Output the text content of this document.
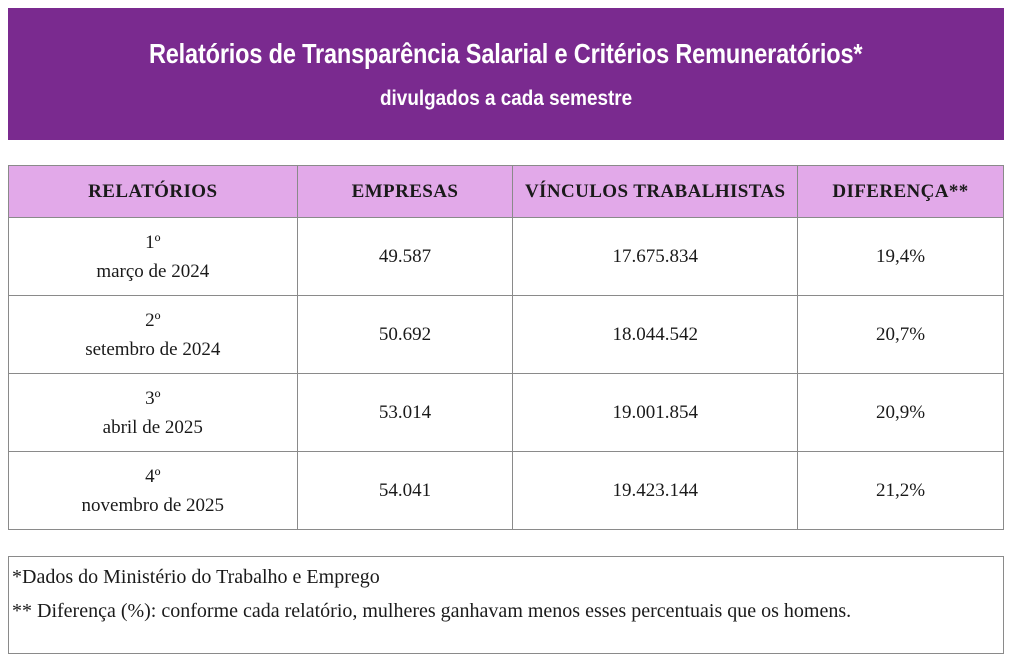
Relatórios de Transparência Salarial e Critérios Remuneratórios*
divulgados a cada semestre
RELATÓRIOS	EMPRESAS	VÍNCULOS TRABALHISTAS	DIFERENÇA**

1º
março de 2024	49.587	17.675.834	19,4%

2º
setembro de 2024	50.692	18.044.542	20,7%

3º
abril de 2025	53.014	19.001.854	20,9%

4º
novembro de 2025	54.041	19.423.144	21,2%

*Dados do Ministério do Trabalho e Emprego

** Diferença (%): conforme cada relatório, mulheres ganhavam menos esses percentuais que os homens.
